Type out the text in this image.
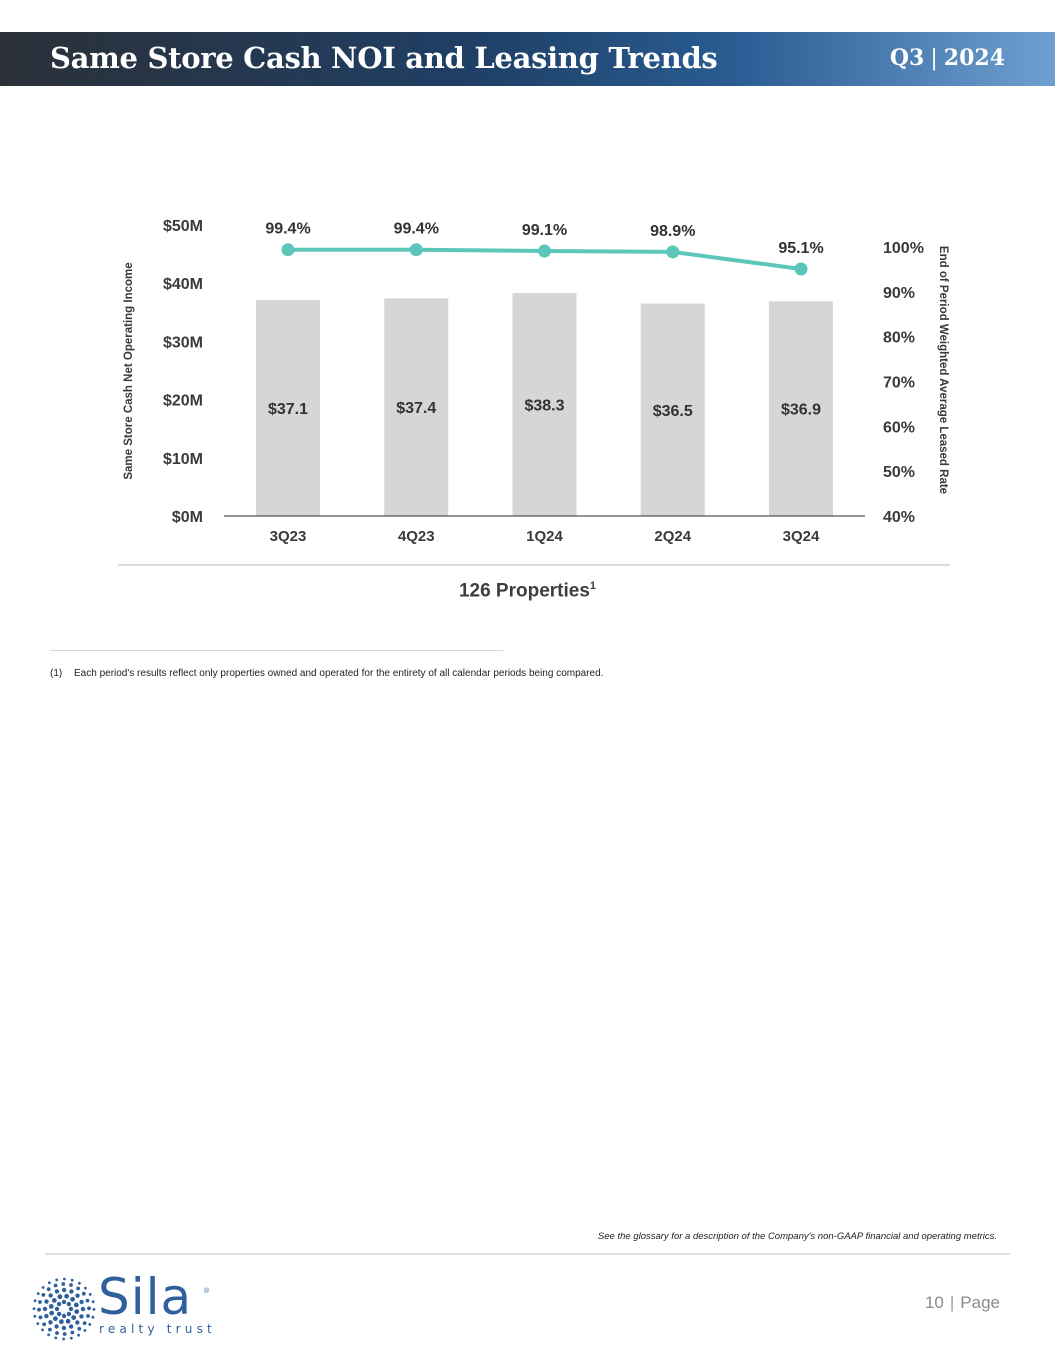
Same Store Cash NOI and Leasing Trends	Q3 | 2024
$0M
$10M
$20M
$30M
$40M
$50M
40%
50%
60%
70%
80%
90%
100%
Same Store Cash Net Operating Income	End of Period Weighted Average Leased Rate
$37.1
3Q23
$37.4
4Q23
$38.3
1Q24
$36.5
2Q24
$36.9
3Q24
99.4%	99.4%	99.1%	98.9%
95.1%
126 Properties$^1$
(1) Each period's results reflect only properties owned and operated for the entirety of all calendar periods being compared.
See the glossary for a description of the Company's non-GAAP financial and operating metrics.
Sila ®
realty trust
10 | Page
